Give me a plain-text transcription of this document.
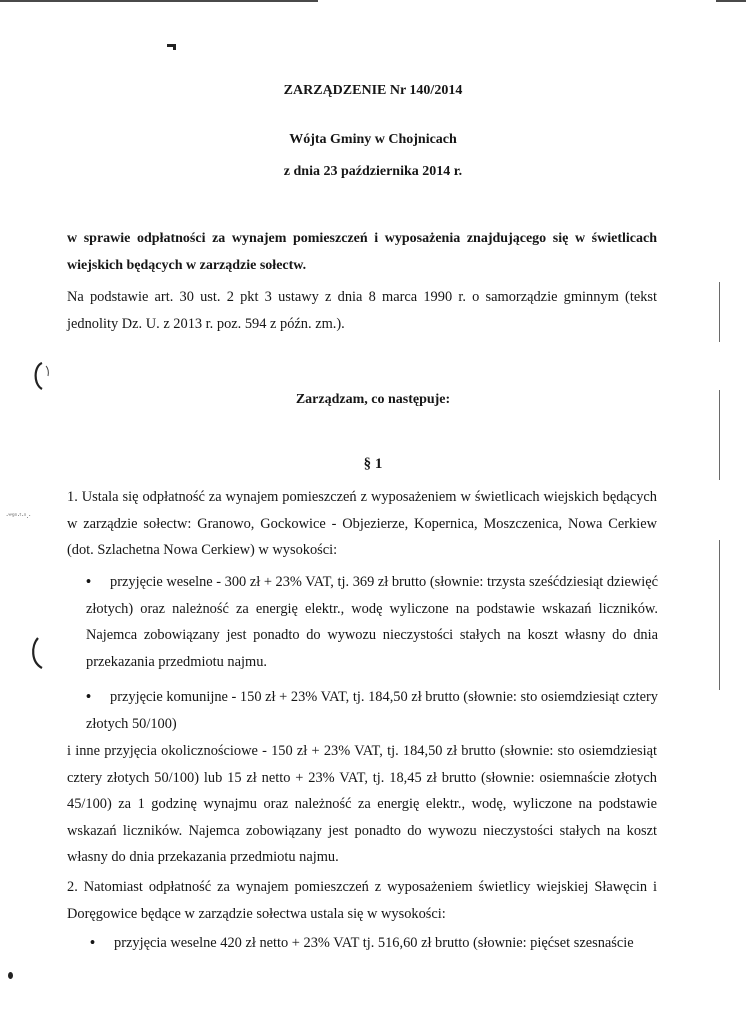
·ʷᵍˢ·ᵗ·ˢ.·
ZARZĄDZENIE Nr 140/2014
Wójta Gminy w Chojnicach
z dnia 23 października 2014 r.

w sprawie odpłatności za wynajem pomieszczeń i wyposażenia znajdującego się w świetlicach wiejskich będących w zarządzie sołectw.

Na podstawie art. 30 ust. 2 pkt 3 ustawy z dnia 8 marca 1990 r. o samorządzie gminnym (tekst jednolity Dz. U. z 2013 r. poz. 594 z późn. zm.).

Zarządzam, co następuje:
§ 1

1. Ustala się odpłatność za wynajem pomieszczeń z wyposażeniem w świetlicach wiejskich będących w zarządzie sołectw: Granowo, Gockowice - Objezierze, Kopernica, Moszczenica, Nowa Cerkiew (dot. Szlachetna Nowa Cerkiew) w wysokości:

•	przyjęcie weselne - 300 zł + 23% VAT, tj. 369 zł brutto (słownie: trzysta sześćdziesiąt dziewięć złotych) oraz należność za energię elektr., wodę wyliczone na podstawie wskazań liczników. Najemca zobowiązany jest ponadto do wywozu nieczystości stałych na koszt własny do dnia przekazania przedmiotu najmu.
•	przyjęcie komunijne - 150 zł + 23% VAT, tj. 184,50 zł brutto (słownie: sto osiemdziesiąt cztery złotych 50/100)

i inne przyjęcia okolicznościowe - 150 zł + 23% VAT, tj. 184,50 zł brutto (słownie: sto osiemdziesiąt cztery złotych 50/100) lub 15 zł netto + 23% VAT, tj. 18,45 zł brutto (słownie: osiemnaście złotych 45/100) za 1 godzinę wynajmu oraz należność za energię elektr., wodę, wyliczone na podstawie wskazań liczników. Najemca zobowiązany jest ponadto do wywozu nieczystości stałych na koszt własny do dnia przekazania przedmiotu najmu.

2. Natomiast odpłatność za wynajem pomieszczeń z wyposażeniem świetlicy wiejskiej Sławęcin i Doręgowice będące w zarządzie sołectwa ustala się w wysokości:

•	przyjęcia weselne 420 zł netto + 23% VAT tj. 516,60 zł brutto (słownie: pięćset szesnaście
